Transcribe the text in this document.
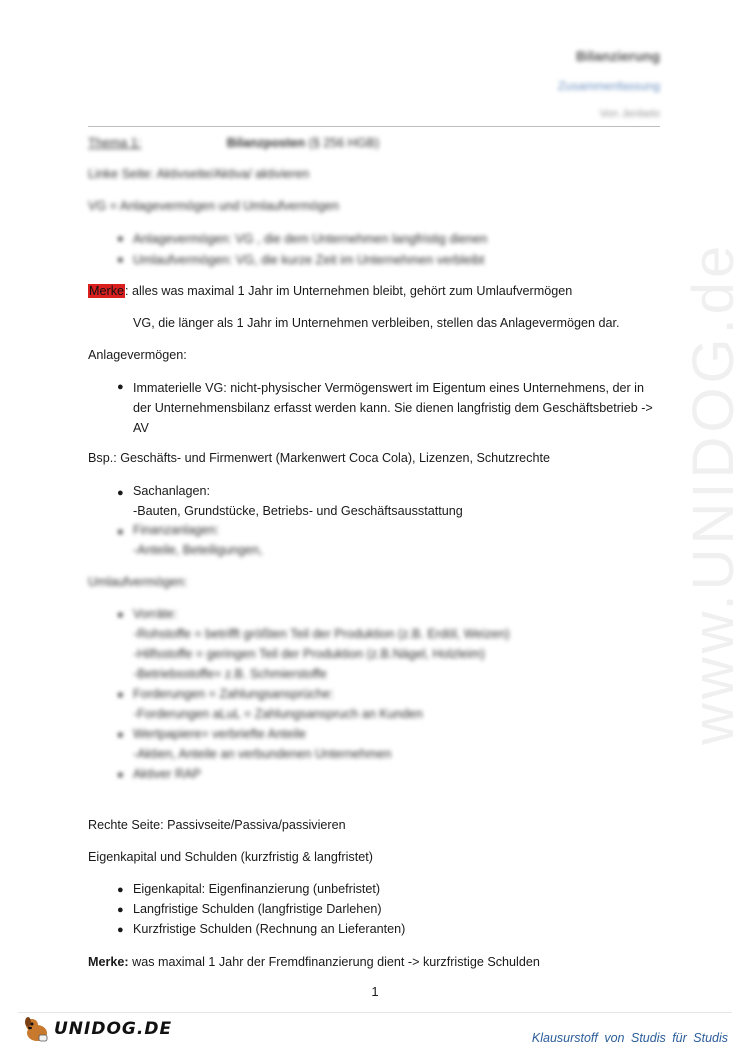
Bilanzierung
Zusammenfassung
Von Jenbelo
Thema 1:	Bilanzposten (§ 256 HGB)
Linke Seite: Aktivseite/Aktiva/ aktivieren
VG = Anlagevermögen und Umlaufvermögen
● Anlagevermögen: VG , die dem Unternehmen langfristig dienen
● Umlaufvermögen: VG, die kurze Zeit im Unternehmen verbleibt
Merke: alles was maximal 1 Jahr im Unternehmen bleibt, gehört zum Umlaufvermögen
VG, die länger als 1 Jahr im Unternehmen verbleiben, stellen das Anlagevermögen dar.
Anlagevermögen:
● Immaterielle VG: nicht-physischer Vermögenswert im Eigentum eines Unternehmens, der in der Unternehmensbilanz erfasst werden kann. Sie dienen langfristig dem Geschäftsbetrieb -> AV
Bsp.: Geschäfts- und Firmenwert (Markenwert Coca Cola), Lizenzen, Schutzrechte
● Sachanlagen:
-Bauten, Grundstücke, Betriebs- und Geschäftsausstattung
● Finanzanlagen:
-Anteile, Beteiligungen,
Umlaufvermögen:
● Vorräte:
-Rohstoffe = betrifft größten Teil der Produktion (z.B. Erdöl, Weizen)
-Hilfsstoffe = geringen Teil der Produktion (z.B.Nägel, Holzleim)
-Betriebsstoffe= z.B. Schmierstoffe
● Forderungen = Zahlungsansprüche:
-Forderungen aLuL = Zahlungsanspruch an Kunden
● Wertpapiere= verbriefte Anteile
-Aktien, Anteile an verbundenen Unternehmen
● Aktiver RAP
Rechte Seite: Passivseite/Passiva/passivieren
Eigenkapital und Schulden (kurzfristig & langfristet)
● Eigenkapital: Eigenfinanzierung (unbefristet)
● Langfristige Schulden (langfristige Darlehen)
● Kurzfristige Schulden (Rechnung an Lieferanten)
Merke: was maximal 1 Jahr der Fremdfinanzierung dient -> kurzfristige Schulden
1
www.UNIDOG.de
UNIDOG.DE	Klausurstoff von Studis für Studis
